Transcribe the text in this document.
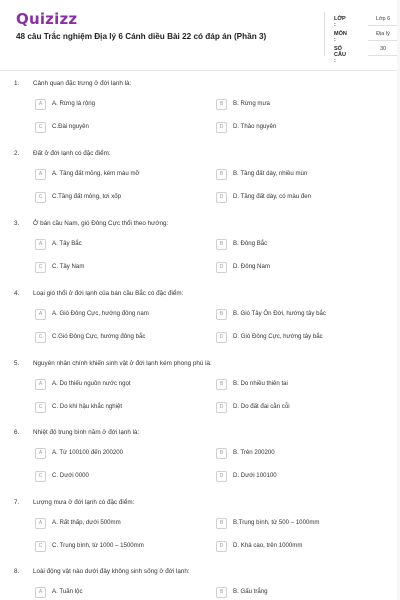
Quizizz
48 câu Trắc nghiệm Địa lý 6 Cánh diều Bài 22 có đáp án (Phần 3)
LỚP :
Lớp 6
MÔN :
Địa lý
SỐ CÂU :
30
1. Cảnh quan đặc trưng ở đới lạnh là:
A	A. Rừng lá rộng	B	B. Rừng mưa
C	C.Đài nguyên	D	D. Thảo nguyên
2. Đất ở đới lạnh có đặc điểm:
A	A. Tầng đất mỏng, kém màu mỡ	B	B. Tầng đất dày, nhiều mùn
C	C.Tầng đất mỏng, tơi xốp	D	D. Tầng đất dày, có màu đen
3. Ở bán cầu Nam, gió Đông Cực thổi theo hướng:
A	A. Tây Bắc	B	B. Đông Bắc
C	C. Tây Nam	D	D. Đông Nam
4. Loại gió thổi ở đới lạnh của bán cầu Bắc có đặc điểm:
A	A. Gió Đông Cực, hướng đông nam	B	B. Gió Tây Ôn Đới, hướng tây bắc
C	C.Gió Đông Cực, hướng đông bắc	D	D. Gió Đông Cực, hướng tây bắc
5. Nguyên nhân chính khiến sinh vật ở đới lạnh kém phong phú là:
A	A. Do thiếu nguồn nước ngọt	B	B. Do nhiều thiên tai
C	C. Do khí hậu khắc nghiệt	D	D. Do đất đai cằn cỗi
6. Nhiệt độ trung bình năm ở đới lạnh là:
A	A. Từ 100100 đến 200200	B	B. Trên 200200
C	C. Dưới 0000	D	D. Dưới 100100
7. Lượng mưa ở đới lạnh có đặc điểm:
A	A. Rất thấp, dưới 500mm	B	B.Trung bình, từ 500 – 1000mm
C	C. Trung bình, từ 1000 – 1500mm	D	D. Khá cao, trên 1000mm
8. Loài động vật nào dưới đây không sinh sống ở đới lạnh:
A	A. Tuần lộc	B	B. Gấu trắng
